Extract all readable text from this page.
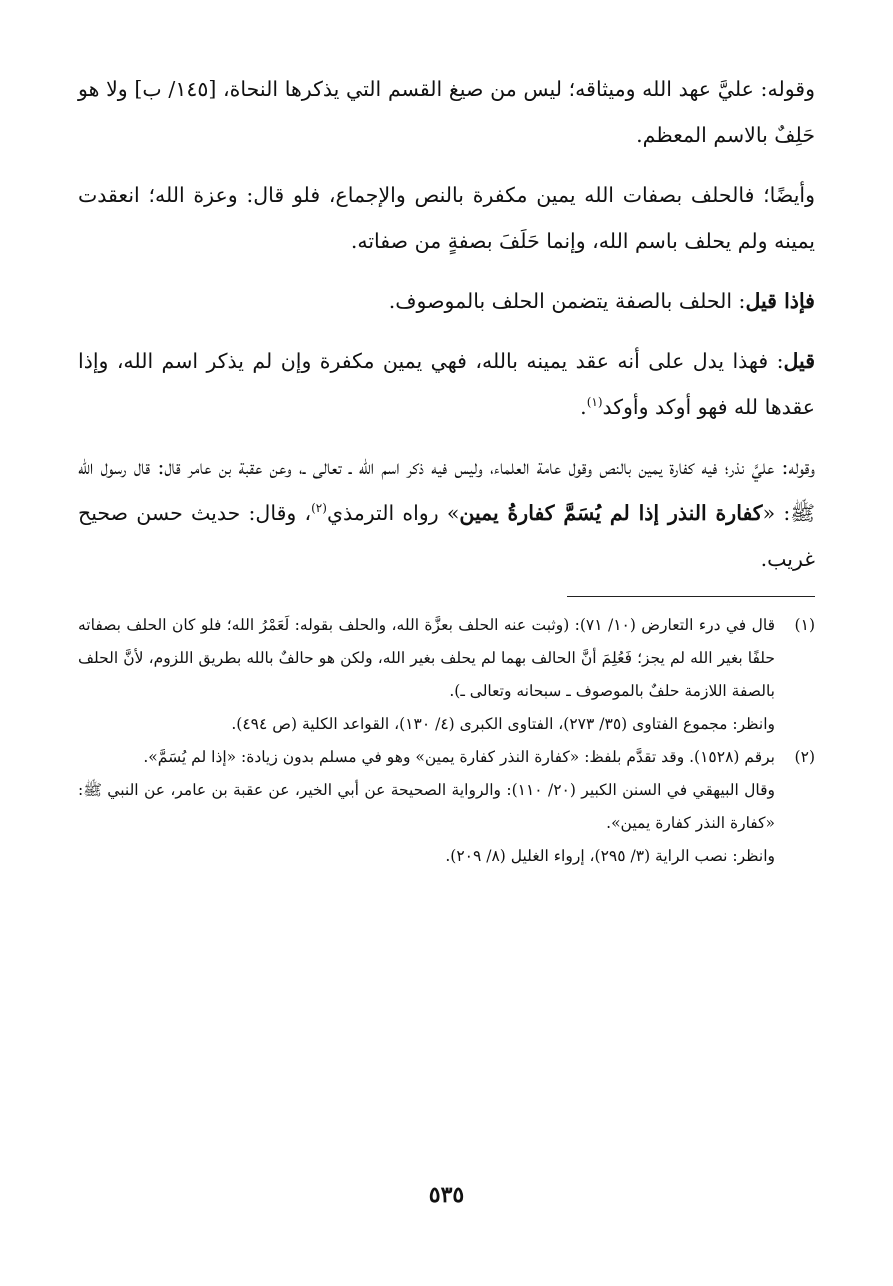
وقوله: عليَّ عهد الله وميثاقه؛ ليس من صيغ القسم التي يذكرها النحاة، [١٤٥/ ب] ولا هو حَلِفٌ بالاسم المعظم.

وأيضًا؛ فالحلف بصفات الله يمين مكفرة بالنص والإجماع، فلو قال: وعزة الله؛ انعقدت يمينه ولم يحلف باسم الله، وإنما حَلَفَ بصفةٍ من صفاته.

فإذا قيل: الحلف بالصفة يتضمن الحلف بالموصوف.

قيل: فهذا يدل على أنه عقد يمينه بالله، فهي يمين مكفرة وإن لم يذكر اسم الله، وإذا عقدها لله فهو أوكد وأوكد$^{(١)}$.

وقوله: عليَّ نذر؛ فيه كفارة يمين بالنص وقول عامة العلماء، وليس فيه ذكر اسم الله ـ تعالى ـ، وعن عقبة بن عامر قال: قال رسول الله ﷺ: «كفارة النذر إذا لم يُسَمَّ كفارةُ يمين» رواه الترمذي$^{(٢)}$، وقال: حديث حسن صحيح غريب.

(١)
قال في درء التعارض (١٠/ ٧١): (وثبت عنه الحلف بعزَّة الله، والحلف بقوله: لَعَمْرُ الله؛ فلو كان الحلف بصفاته حلفًا بغير الله لم يجز؛ فَعُلِمَ أنَّ الحالف بهما لم يحلف بغير الله، ولكن هو حالفٌ بالله بطريق اللزوم، لأنَّ الحلف بالصفة اللازمة حلفٌ بالموصوف ـ سبحانه وتعالى ـ).

وانظر: مجموع الفتاوى (٣٥/ ٢٧٣)، الفتاوى الكبرى (٤/ ١٣٠)، القواعد الكلية (ص ٤٩٤).

(٢)
برقم (١٥٢٨). وقد تقدَّم بلفظ: «كفارة النذر كفارة يمين» وهو في مسلم بدون زيادة: «إذا لم يُسَمَّ».

وقال البيهقي في السنن الكبير (٢٠/ ١١٠): والرواية الصحيحة عن أبي الخير، عن عقبة بن عامر، عن النبي ﷺ: «كفارة النذر كفارة يمين».

وانظر: نصب الراية (٣/ ٢٩٥)، إرواء الغليل (٨/ ٢٠٩).

٥٣٥
